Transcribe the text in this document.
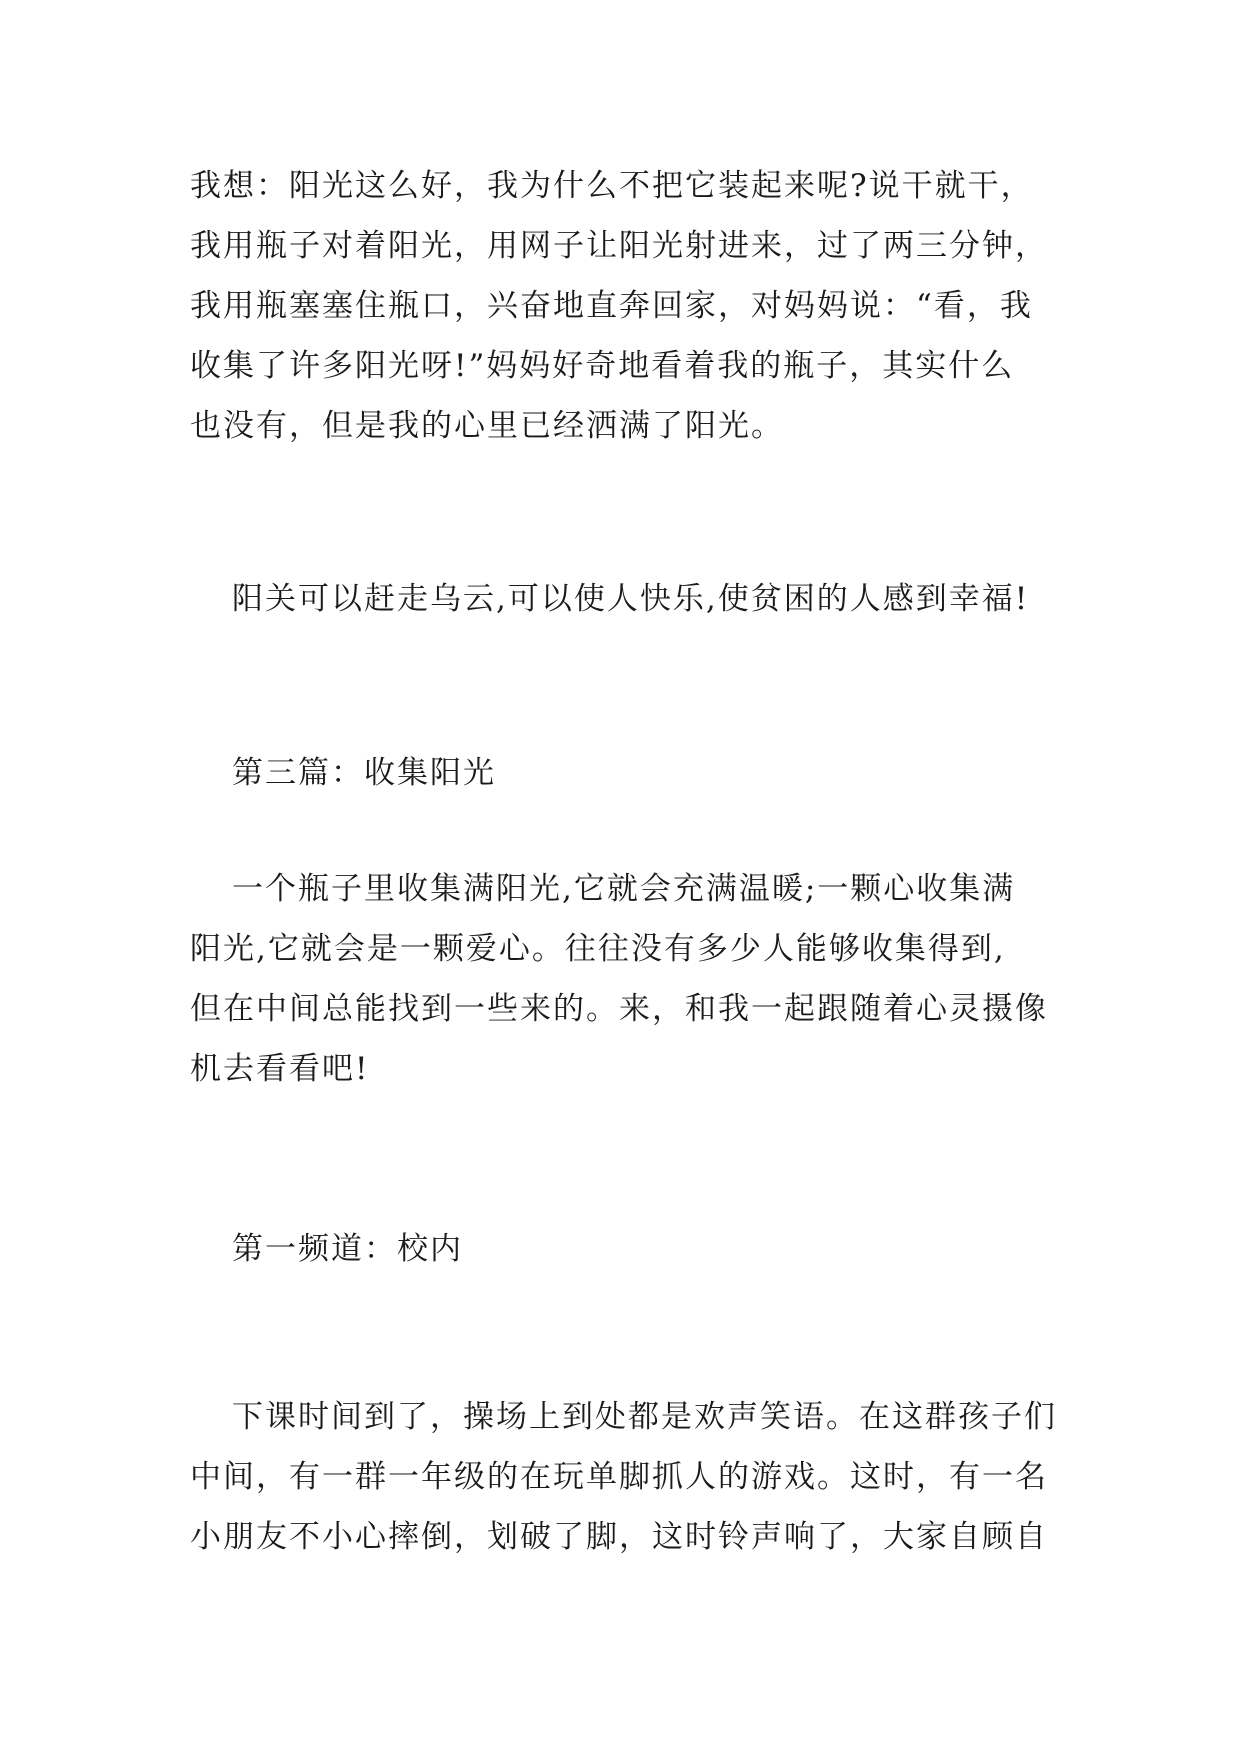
我想：阳光这么好，我为什么不把它装起来呢?说干就干，
我用瓶子对着阳光，用网子让阳光射进来，过了两三分钟，
我用瓶塞塞住瓶口，兴奋地直奔回家，对妈妈说：“看，我
收集了许多阳光呀!”妈妈好奇地看着我的瓶子，其实什么
也没有，但是我的心里已经洒满了阳光。
阳关可以赶走乌云,可以使人快乐,使贫困的人感到幸福!
第三篇：收集阳光
一个瓶子里收集满阳光,它就会充满温暖;一颗心收集满
阳光,它就会是一颗爱心。往往没有多少人能够收集得到,
但在中间总能找到一些来的。来，和我一起跟随着心灵摄像
机去看看吧!
第一频道：校内
下课时间到了，操场上到处都是欢声笑语。在这群孩子们
中间，有一群一年级的在玩单脚抓人的游戏。这时，有一名
小朋友不小心摔倒，划破了脚，这时铃声响了，大家自顾自
